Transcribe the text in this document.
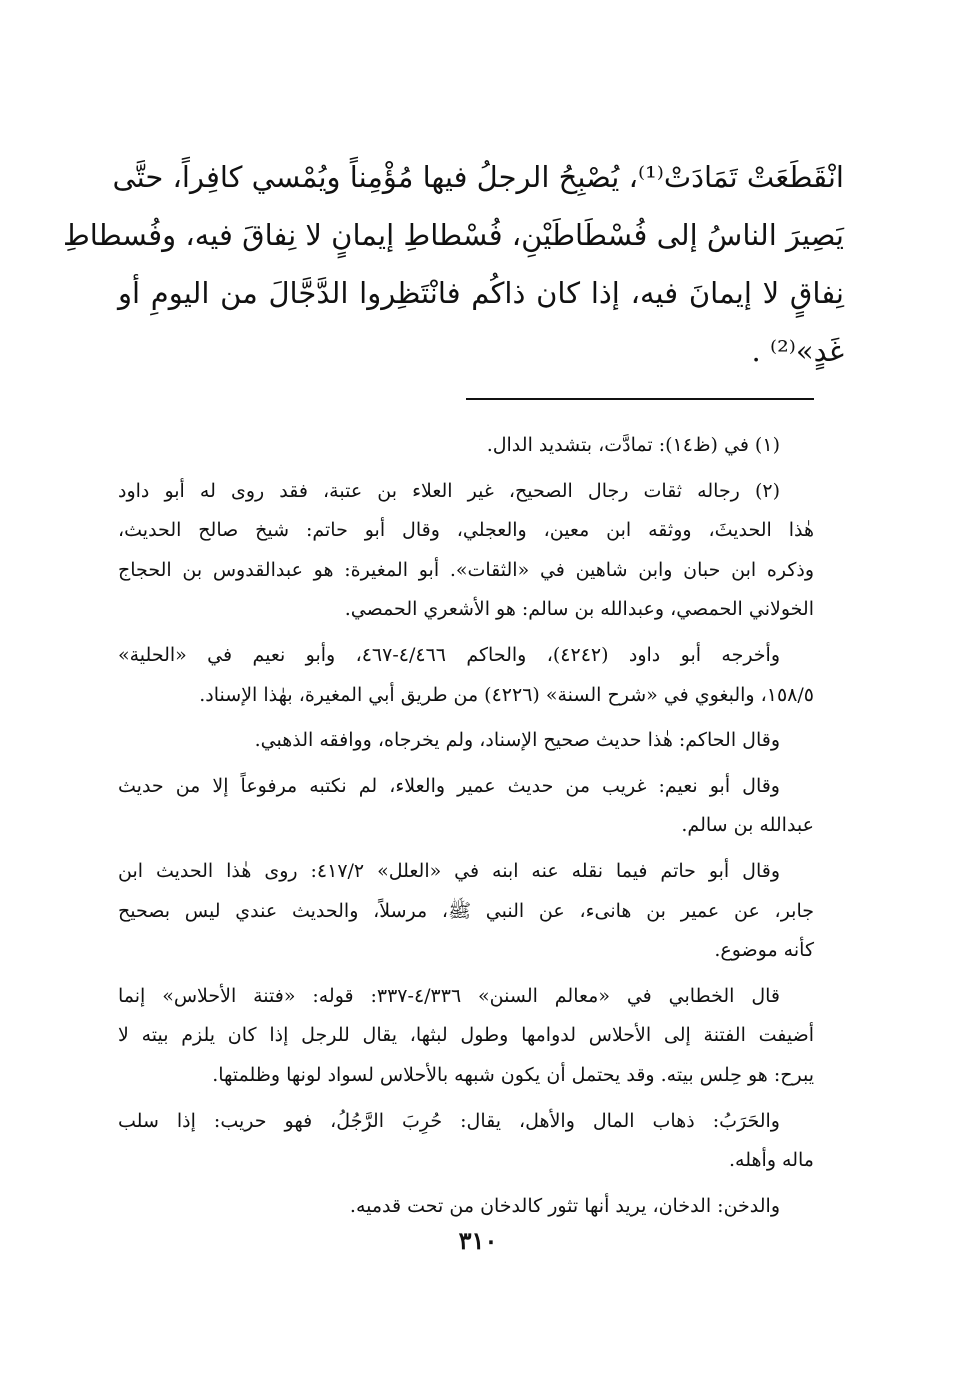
انْقَطَعَتْ تَمَادَتْ⁽¹⁾، يُصْبِحُ الرجلُ فيها مُؤْمِناً ويُمْسي كافِراً، حتَّى
يَصِيرَ الناسُ إلى فُسْطَاطَيْنِ، فُسْطاطِ إيمانٍ لا نِفاقَ فيه، وفُسطاطِ
نِفاقٍ لا إيمانَ فيه، إذا كان ذاكُم فانْتَظِروا الدَّجَّالَ من اليومِ أو
غَدٍ»⁽²⁾ .
(١) في (ظ١٤): تمادَّت، بتشديد الدال.
(٢) رجاله ثقات رجال الصحيح، غير العلاء بن عتبة، فقد روى له أبو داود
هٰذا الحديثَ، ووثقه ابن معين، والعجلي، وقال أبو حاتم: شيخ صالح الحديث،
وذكره ابن حبان وابن شاهين في «الثقات». أبو المغيرة: هو عبدالقدوس بن الحجاج
الخولاني الحمصي، وعبدالله بن سالم: هو الأشعري الحمصي.
وأخرجه أبو داود (٤٢٤٢)، والحاكم ٤/٤٦٦-٤٦٧، وأبو نعيم في «الحلية»
١٥٨/٥، والبغوي في «شرح السنة» (٤٢٢٦) من طريق أبي المغيرة، بهٰذا الإسناد.
وقال الحاكم: هٰذا حديث صحيح الإسناد، ولم يخرجاه، ووافقه الذهبي.
وقال أبو نعيم: غريب من حديث عمير والعلاء، لم نكتبه مرفوعاً إلا من حديث
عبدالله بن سالم.
وقال أبو حاتم فيما نقله عنه ابنه في «العلل» ٤١٧/٢: روى هٰذا الحديث ابن
جابر، عن عمير بن هانىء، عن النبي ﷺ، مرسلاً، والحديث عندي ليس بصحيح
كأنه موضوع.
قال الخطابي في «معالم السنن» ٤/٣٣٦-٣٣٧: قوله: «فتنة الأحلاس» إنما
أضيفت الفتنة إلى الأحلاس لدوامها وطول لبثها، يقال للرجل إذا كان يلزم بيته لا
يبرح: هو حِلس بيته. وقد يحتمل أن يكون شبهه بالأحلاس لسواد لونها وظلمتها.
والحَرَبُ: ذهاب المال والأهل، يقال: حُرِبَ الرَّجُلُ، فهو حريب: إذا سلب
ماله وأهله.
والدخن: الدخان، يريد أنها تثور كالدخان من تحت قدميه.
٣١٠
